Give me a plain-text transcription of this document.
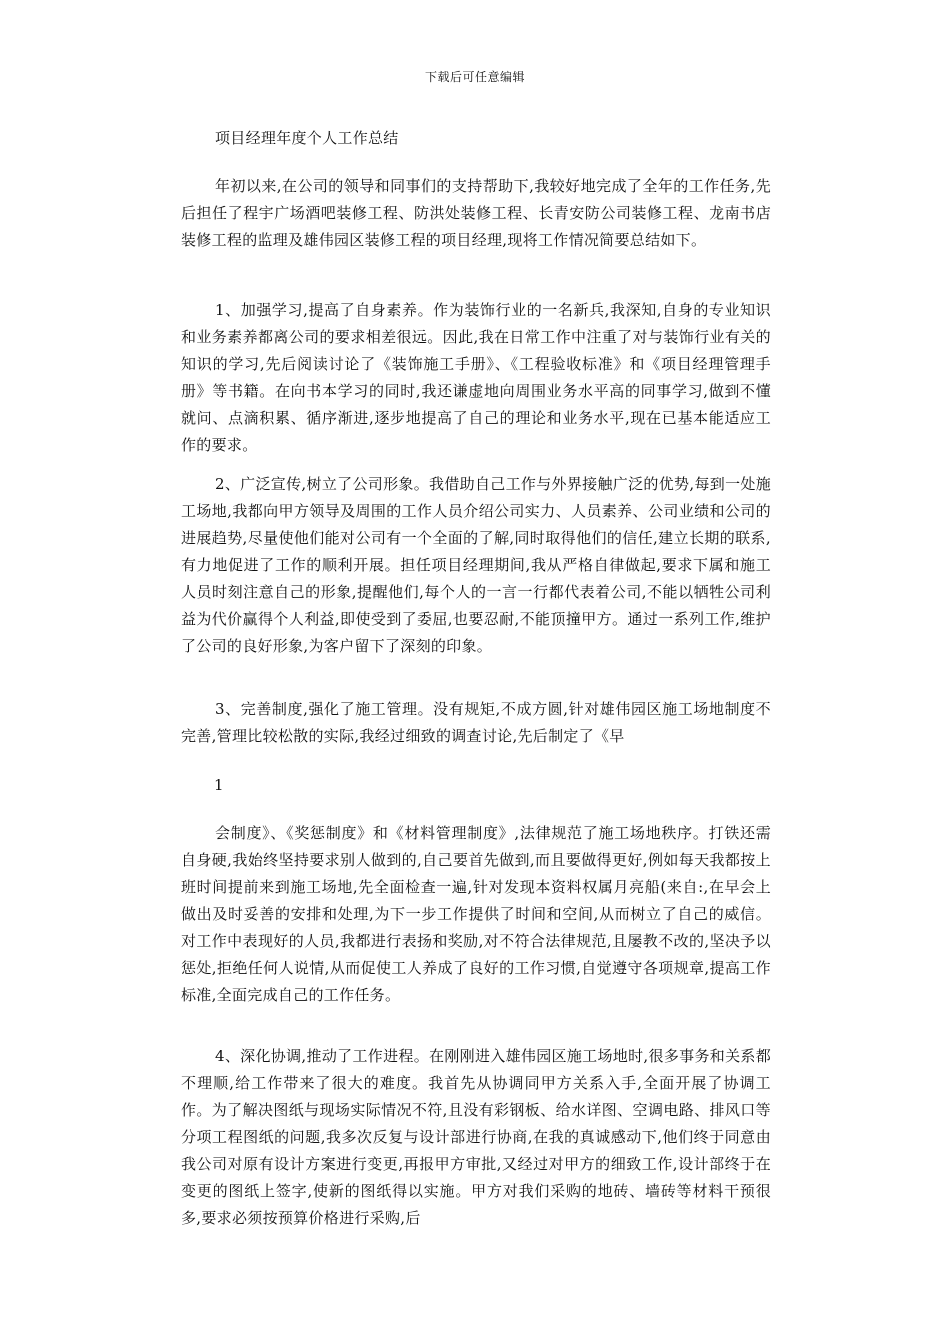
下载后可任意编辑
项目经理年度个人工作总结

年初以来,在公司的领导和同事们的支持帮助下,我较好地完成了全年的工作任务,先后担任了程宇广场酒吧装修工程、防洪处装修工程、长青安防公司装修工程、龙南书店装修工程的监理及雄伟园区装修工程的项目经理,现将工作情况简要总结如下。

1、加强学习,提高了自身素养。作为装饰行业的一名新兵,我深知,自身的专业知识和业务素养都离公司的要求相差很远。因此,我在日常工作中注重了对与装饰行业有关的知识的学习,先后阅读讨论了《装饰施工手册》、《工程验收标准》和《项目经理管理手册》等书籍。在向书本学习的同时,我还谦虚地向周围业务水平高的同事学习,做到不懂就问、点滴积累、循序渐进,逐步地提高了自己的理论和业务水平,现在已基本能适应工作的要求。

2、广泛宣传,树立了公司形象。我借助自己工作与外界接触广泛的优势,每到一处施工场地,我都向甲方领导及周围的工作人员介绍公司实力、人员素养、公司业绩和公司的进展趋势,尽量使他们能对公司有一个全面的了解,同时取得他们的信任,建立长期的联系,有力地促进了工作的顺利开展。担任项目经理期间,我从严格自律做起,要求下属和施工人员时刻注意自己的形象,提醒他们,每个人的一言一行都代表着公司,不能以牺牲公司利益为代价赢得个人利益,即使受到了委屈,也要忍耐,不能顶撞甲方。通过一系列工作,维护了公司的良好形象,为客户留下了深刻的印象。

3、完善制度,强化了施工管理。没有规矩,不成方圆,针对雄伟园区施工场地制度不完善,管理比较松散的实际,我经过细致的调查讨论,先后制定了《早

1

会制度》、《奖惩制度》和《材料管理制度》,法律规范了施工场地秩序。打铁还需自身硬,我始终坚持要求别人做到的,自己要首先做到,而且要做得更好,例如每天我都按上班时间提前来到施工场地,先全面检查一遍,针对发现本资料权属月亮船(来自:,在早会上做出及时妥善的安排和处理,为下一步工作提供了时间和空间,从而树立了自己的威信。对工作中表现好的人员,我都进行表扬和奖励,对不符合法律规范,且屡教不改的,坚决予以惩处,拒绝任何人说情,从而促使工人养成了良好的工作习惯,自觉遵守各项规章,提高工作标准,全面完成自己的工作任务。

4、深化协调,推动了工作进程。在刚刚进入雄伟园区施工场地时,很多事务和关系都不理顺,给工作带来了很大的难度。我首先从协调同甲方关系入手,全面开展了协调工作。为了解决图纸与现场实际情况不符,且没有彩钢板、给水详图、空调电路、排风口等分项工程图纸的问题,我多次反复与设计部进行协商,在我的真诚感动下,他们终于同意由我公司对原有设计方案进行变更,再报甲方审批,又经过对甲方的细致工作,设计部终于在变更的图纸上签字,使新的图纸得以实施。甲方对我们采购的地砖、墙砖等材料干预很多,要求必须按预算价格进行采购,后
